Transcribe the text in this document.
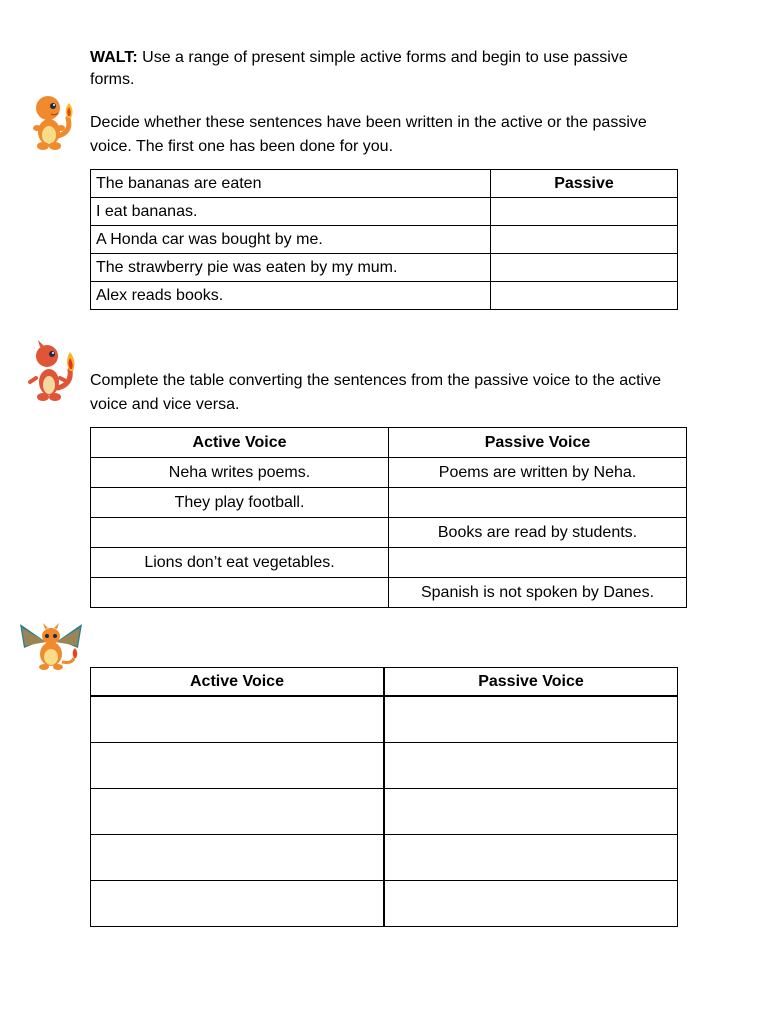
WALT: Use a range of present simple active forms and begin to use passive forms.
Decide whether these sentences have been written in the active or the passive voice. The first one has been done for you.
The bananas are eaten	Passive
I eat bananas.	
A Honda car was bought by me.	
The strawberry pie was eaten by my mum.	
Alex reads books.	
Complete the table converting the sentences from the passive voice to the active voice and vice versa.
Active Voice	Passive Voice
Neha writes poems.	Poems are written by Neha.
They play football.	
	Books are read by students.
Lions don’t eat vegetables.	
	Spanish is not spoken by Danes.
Active Voice	Passive Voice
